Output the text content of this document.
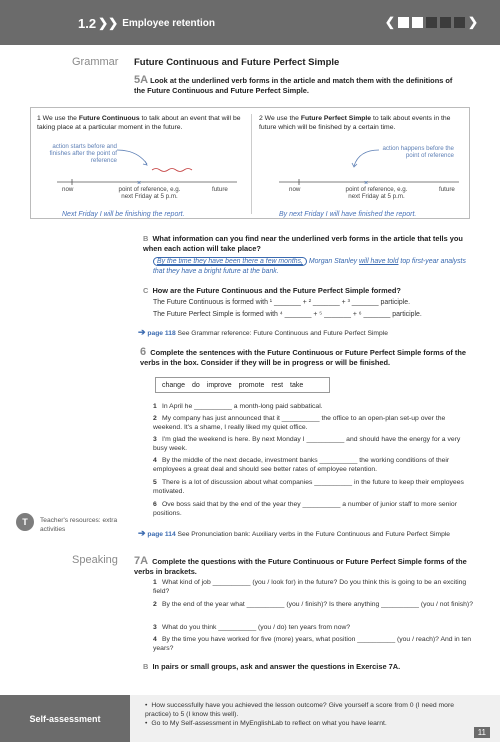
1.2 ❯❯ Employee retention	❮	❯
Grammar Future Continuous and Future Perfect Simple
5A Look at the underlined verb forms in the article and match them with the definitions of the Future Continuous and Future Perfect Simple.
1 We use the Future Continuous to talk about an event that will be taking place at a particular moment in the future.
action starts before and finishes after the point of reference
×
now	point of reference, e.g. next Friday at 5 p.m.
future
Next Friday I will be finishing the report.
2 We use the Future Perfect Simple to talk about events in the future which will be finished by a certain time.
action happens before the point of reference
×
now	point of reference, e.g. next Friday at 5 p.m.
future
By next Friday I will have finished the report.
B What information can you find near the underlined verb forms in the article that tells you when each action will take place?
By the time they have been there a few months, Morgan Stanley will have told top first-year analysts that they have a bright future at the bank.
C How are the Future Continuous and the Future Perfect Simple formed?
The Future Continuous is formed with ¹ _______ + ² _______ + ³ _______ participle.
The Future Perfect Simple is formed with ⁴ _______ + ⁵ _______ + ⁶ _______ participle.
➔ page 118 See Grammar reference: Future Continuous and Future Perfect Simple
6 Complete the sentences with the Future Continuous or Future Perfect Simple forms of the verbs in the box. Consider if they will be in progress or will be finished.
change do improve promote rest take
1 In April he __________ a month-long paid sabbatical.
2 My company has just announced that it __________ the office to an open-plan set-up over the weekend. It's a shame, I really liked my quiet office.
3 I'm glad the weekend is here. By next Monday I __________ and should have the energy for a very busy week.
4 By the middle of the next decade, investment banks __________ the working conditions of their employees a great deal and should see better rates of employee retention.
5 There is a lot of discussion about what companies __________ in the future to keep their employees motivated.
6 Ove boss said that by the end of the year they __________ a number of junior staff to more senior positions.
T	Teacher's resources: extra activities	➔ page 114 See Pronunciation bank: Auxiliary verbs in the Future Continuous and Future Perfect Simple
Speaking 7A Complete the questions with the Future Continuous or Future Perfect Simple forms of the verbs in brackets.
1 What kind of job __________ (you / look for) in the future? Do you think this is going to be an exciting field?
2 By the end of the year what __________ (you / finish)? Is there anything __________ (you / not finish)?
3 What do you think __________ (you / do) ten years from now?
4 By the time you have worked for five (more) years, what position __________ (you / reach)? And in ten years?
B In pairs or small groups, ask and answer the questions in Exercise 7A.
Self-assessment
• How successfully have you achieved the lesson outcome? Give yourself a score from 0 (I need more practice) to 5 (I know this well).
• Go to My Self-assessment in MyEnglishLab to reflect on what you have learnt.
11
